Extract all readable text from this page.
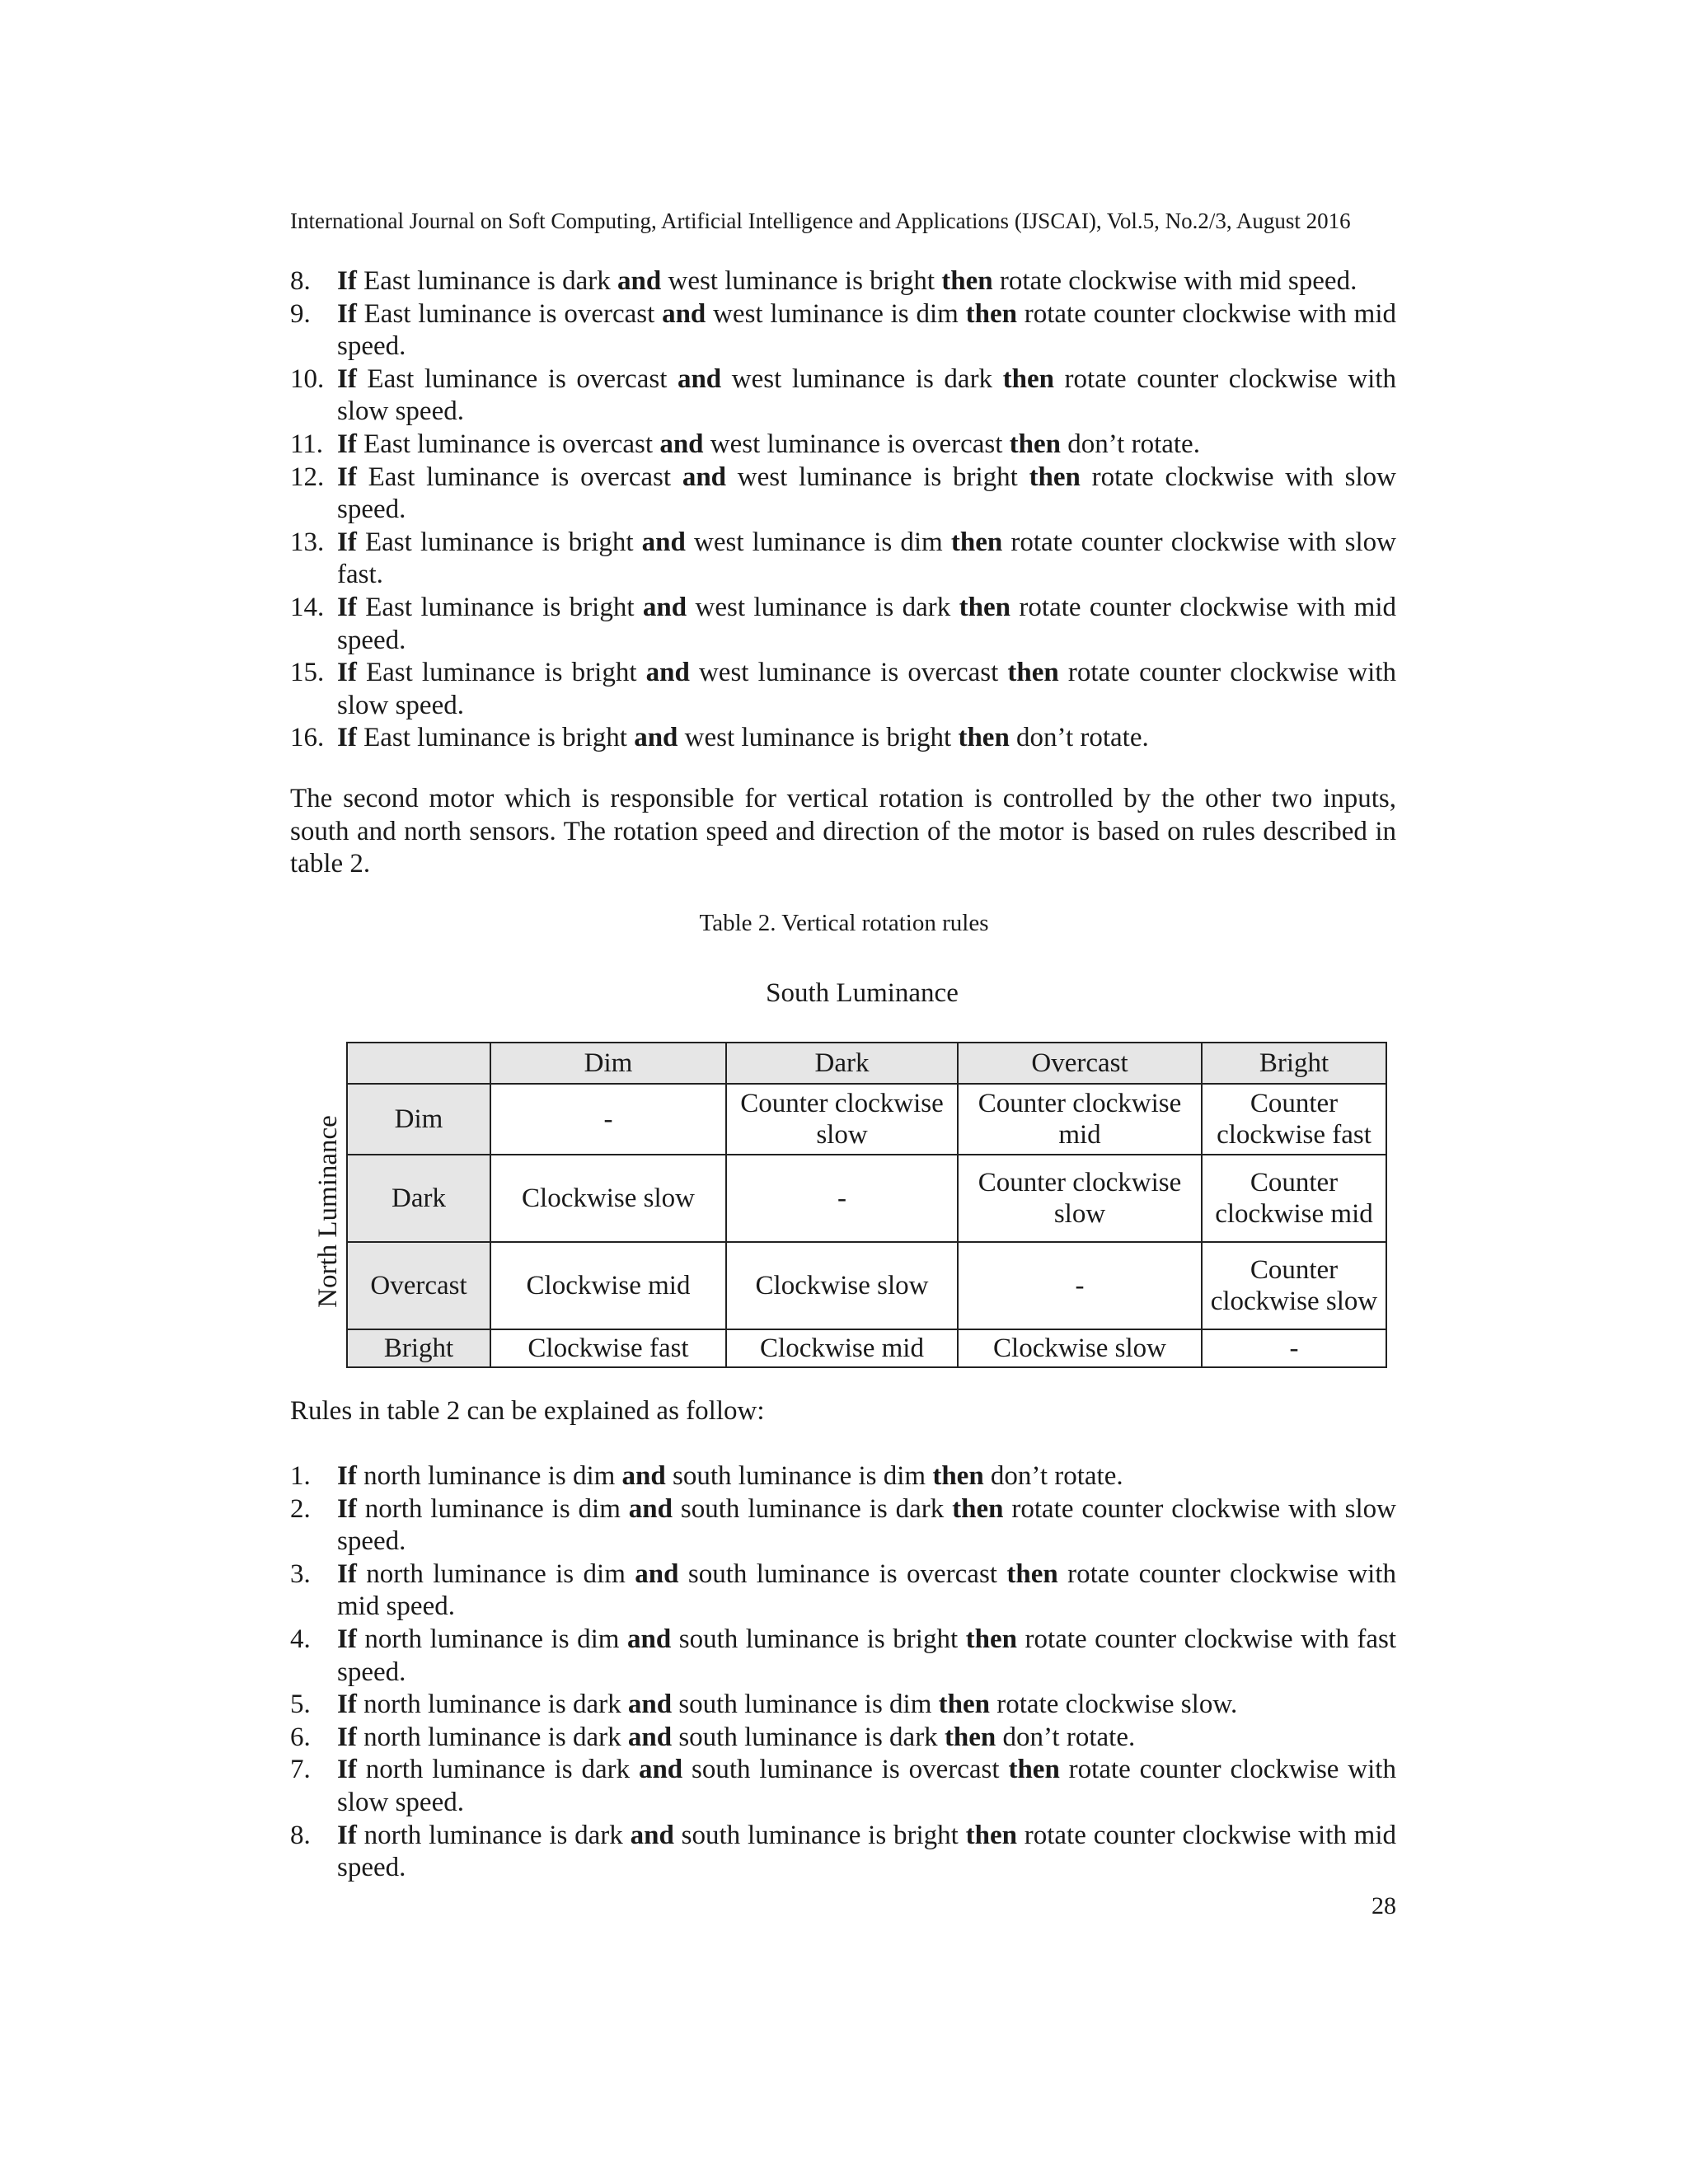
International Journal on Soft Computing, Artificial Intelligence and Applications (IJSCAI), Vol.5, No.2/3, August 2016
8. If East luminance is dark and west luminance is bright then rotate clockwise with mid speed.
9. If East luminance is overcast and west luminance is dim then rotate counter clockwise with mid speed.
10. If East luminance is overcast and west luminance is dark then rotate counter clockwise with slow speed.
11. If East luminance is overcast and west luminance is overcast then don’t rotate.
12. If East luminance is overcast and west luminance is bright then rotate clockwise with slow speed.
13. If East luminance is bright and west luminance is dim then rotate counter clockwise with slow fast.
14. If East luminance is bright and west luminance is dark then rotate counter clockwise with mid speed.
15. If East luminance is bright and west luminance is overcast then rotate counter clockwise with slow speed.
16. If East luminance is bright and west luminance is bright then don’t rotate.

The second motor which is responsible for vertical rotation is controlled by the other two inputs, south and north sensors. The rotation speed and direction of the motor is based on rules described in table 2.

Table 2. Vertical rotation rules
South Luminance
North Luminance
	Dim	Dark	Overcast	Bright
Dim	-	Counter clockwise slow	Counter clockwise mid	Counter clockwise fast
Dark	Clockwise slow	-	Counter clockwise slow	Counter clockwise mid
Overcast	Clockwise mid	Clockwise slow	-	Counter clockwise slow
Bright	Clockwise fast	Clockwise mid	Clockwise slow	-

Rules in table 2 can be explained as follow:

1. If north luminance is dim and south luminance is dim then don’t rotate.
2. If north luminance is dim and south luminance is dark then rotate counter clockwise with slow speed.
3. If north luminance is dim and south luminance is overcast then rotate counter clockwise with mid speed.
4. If north luminance is dim and south luminance is bright then rotate counter clockwise with fast speed.
5. If north luminance is dark and south luminance is dim then rotate clockwise slow.
6. If north luminance is dark and south luminance is dark then don’t rotate.
7. If north luminance is dark and south luminance is overcast then rotate counter clockwise with slow speed.
8. If north luminance is dark and south luminance is bright then rotate counter clockwise with mid speed.
28
